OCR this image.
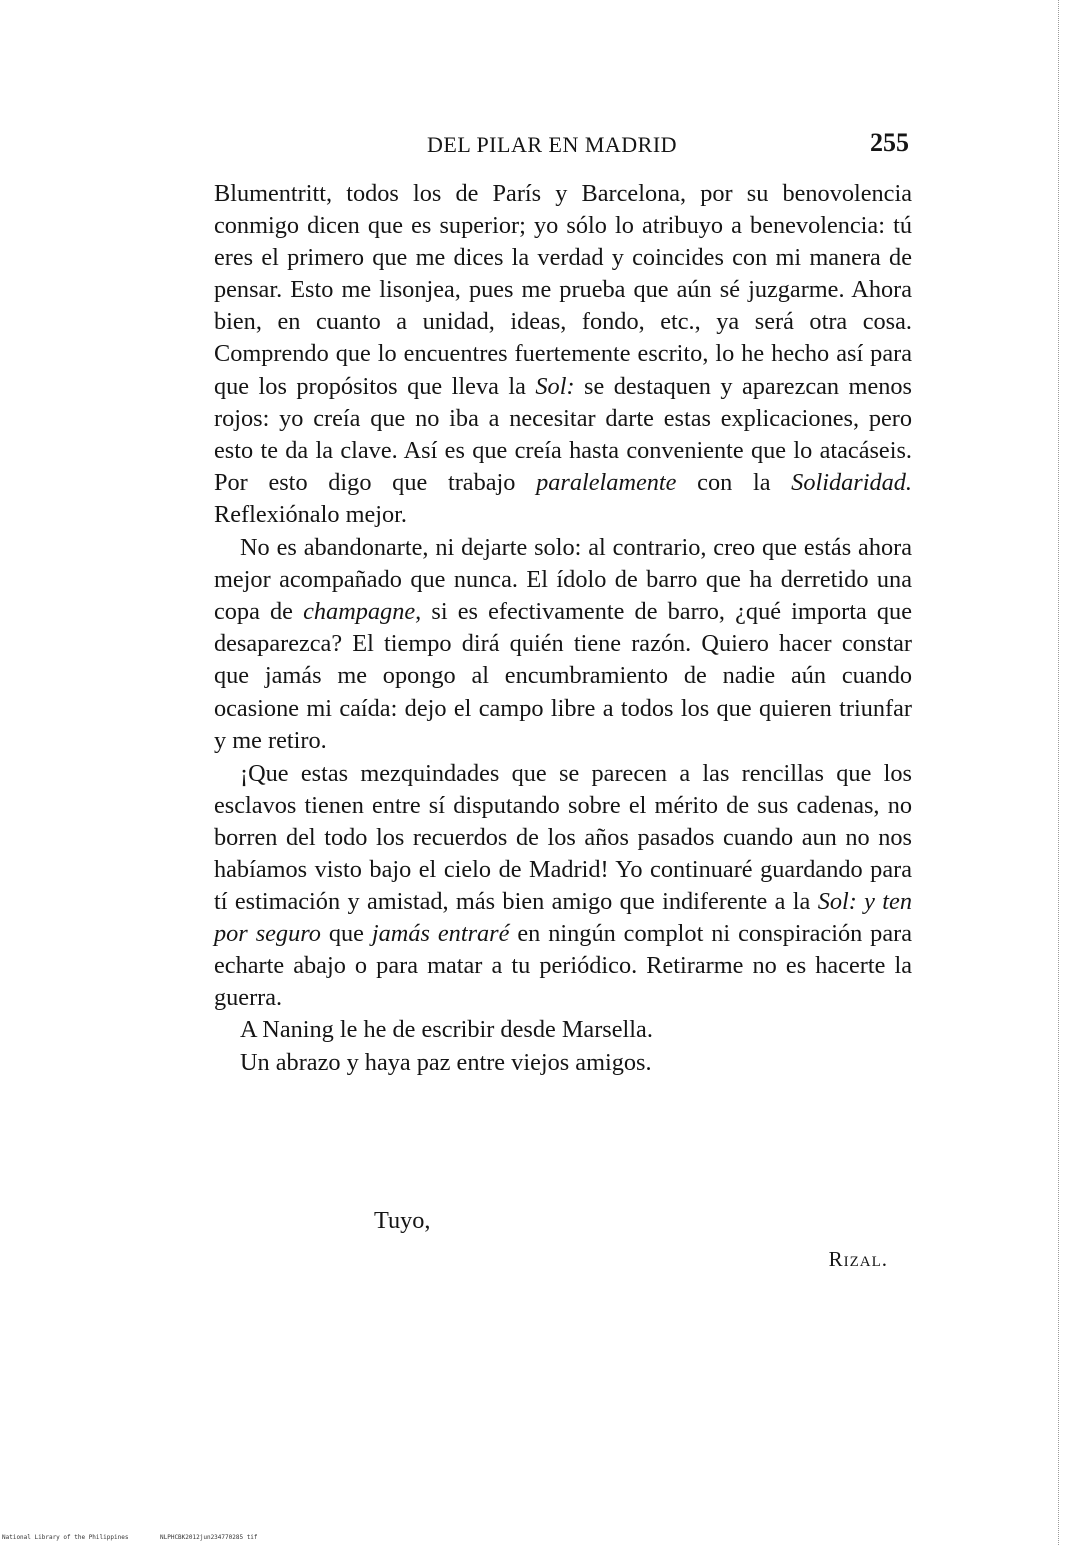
DEL PILAR EN MADRID	255

Blumentritt, todos los de París y Barcelona, por su benovolencia conmigo dicen que es superior; yo sólo lo atribuyo a benevolencia: tú eres el primero que me dices la verdad y coincides con mi manera de pensar. Esto me lisonjea, pues me prueba que aún sé juzgarme. Ahora bien, en cuanto a unidad, ideas, fondo, etc., ya será otra cosa. Comprendo que lo encuentres fuertemente escrito, lo he hecho así para que los propósitos que lleva la Sol: se destaquen y aparezcan menos rojos: yo creía que no iba a necesitar darte estas explicaciones, pero esto te da la clave. Así es que creía hasta conveniente que lo atacáseis. Por esto digo que trabajo paralelamente con la Solidaridad. Reflexiónalo mejor.

No es abandonarte, ni dejarte solo: al contrario, creo que estás ahora mejor acompañado que nunca. El ídolo de barro que ha derretido una copa de champagne, si es efectivamente de barro, ¿qué importa que desaparezca? El tiempo dirá quién tiene razón. Quiero hacer constar que jamás me opongo al encumbramiento de nadie aún cuando ocasione mi caída: dejo el campo libre a todos los que quieren triunfar y me retiro.

¡Que estas mezquindades que se parecen a las rencillas que los esclavos tienen entre sí disputando sobre el mérito de sus cadenas, no borren del todo los recuerdos de los años pasados cuando aun no nos habíamos visto bajo el cielo de Madrid! Yo continuaré guardando para tí estimación y amistad, más bien amigo que indiferente a la Sol: y ten por seguro que jamás entraré en ningún complot ni conspiración para echarte abajo o para matar a tu periódico. Retirarme no es hacerte la guerra.

A Naning le he de escribir desde Marsella.

Un abrazo y haya paz entre viejos amigos.

Tuyo,
Rizal.
National Library of the Philippines	NLPHCBK2012jun234770285 tif
